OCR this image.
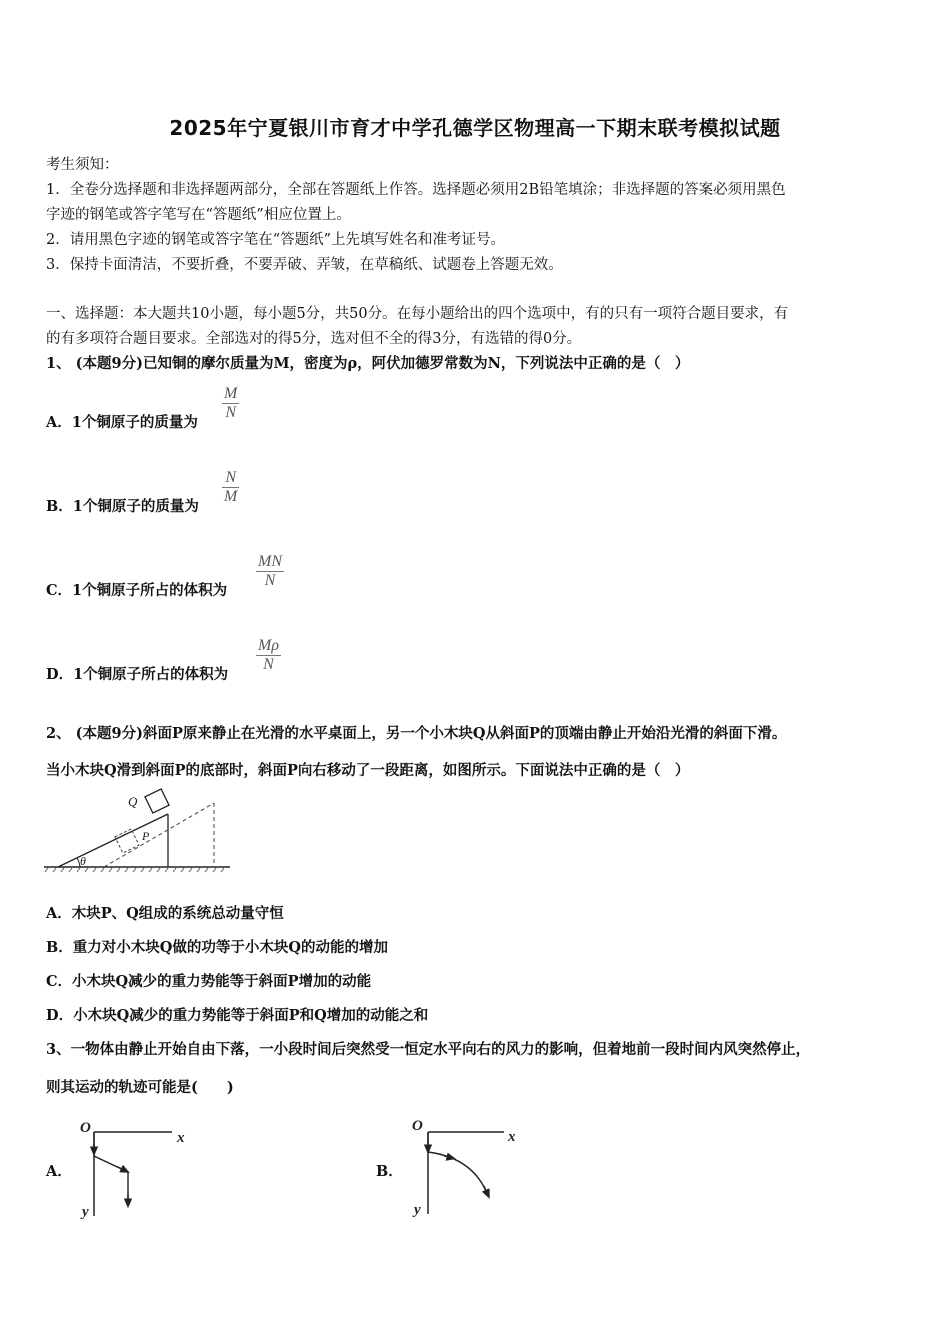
2025年宁夏银川市育才中学孔德学区物理高一下期末联考模拟试题
考生须知：
1．全卷分选择题和非选择题两部分，全部在答题纸上作答。选择题必须用2B铅笔填涂；非选择题的答案必须用黑色
字迹的钢笔或答字笔写在“答题纸”相应位置上。
2．请用黑色字迹的钢笔或答字笔在“答题纸”上先填写姓名和准考证号。
3．保持卡面清洁，不要折叠，不要弄破、弄皱，在草稿纸、试题卷上答题无效。
一、选择题：本大题共10小题，每小题5分，共50分。在每小题给出的四个选项中，有的只有一项符合题目要求，有
的有多项符合题目要求。全部选对的得5分，选对但不全的得3分，有选错的得0分。
1、 (本题9分)已知铜的摩尔质量为M，密度为ρ，阿伏加德罗常数为N，下列说法中正确的是（　）
A．1个铜原子的质量为
M
N
B．1个铜原子的质量为
N
M
C．1个铜原子所占的体积为
MN
N
D．1个铜原子所占的体积为
Mρ
N
2、 (本题9分)斜面P原来静止在光滑的水平桌面上，另一个小木块Q从斜面P的顶端由静止开始沿光滑的斜面下滑。
当小木块Q滑到斜面P的底部时，斜面P向右移动了一段距离，如图所示。下面说法中正确的是（　）
Q
P
θ
A．木块P、Q组成的系统总动量守恒
B．重力对小木块Q做的功等于小木块Q的动能的增加
C．小木块Q减少的重力势能等于斜面P增加的动能
D．小木块Q减少的重力势能等于斜面P和Q增加的动能之和
3、一物体由静止开始自由下落，一小段时间后突然受一恒定水平向右的风力的影响，但着地前一段时间内风突然停止，
则其运动的轨迹可能是(　　)
A．
O
x
y
B．
O
x
y
